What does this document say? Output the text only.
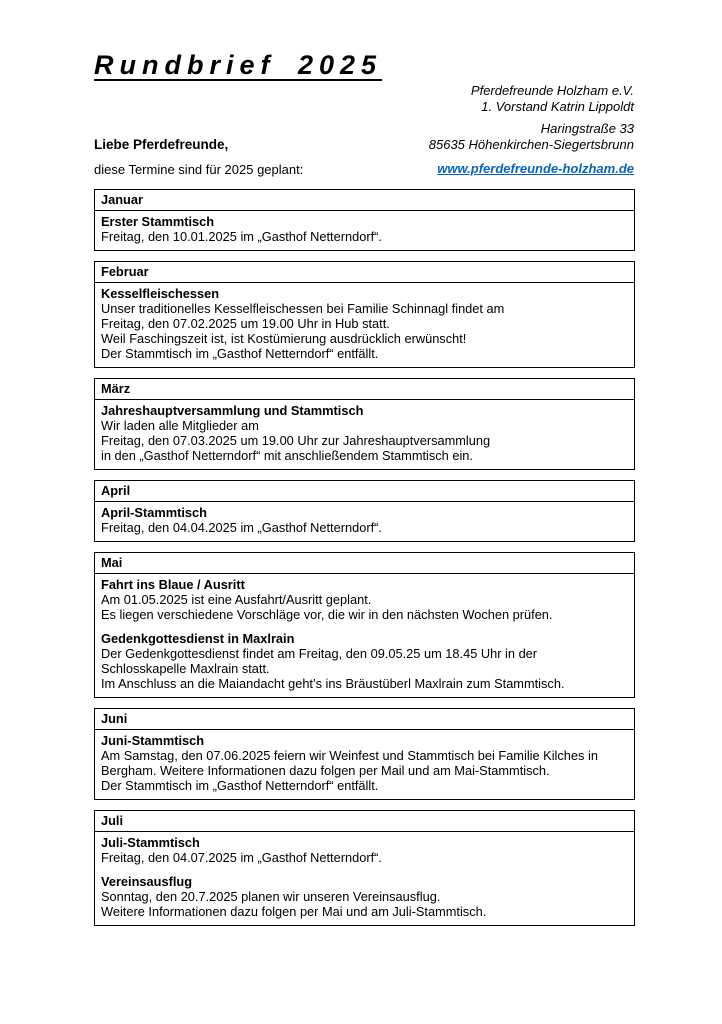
Rundbrief 2025
Pferdefreunde Holzham e.V.
1. Vorstand Katrin Lippoldt
Haringstraße 33
85635 Höhenkirchen-Siegertsbrunn
Liebe Pferdefreunde,
diese Termine sind für 2025 geplant:	www.pferdefreunde-holzham.de
Januar
Erster Stammtisch
Freitag, den 10.01.2025 im „Gasthof Netterndorf“.
Februar
Kesselfleischessen
Unser traditionelles Kesselfleischessen bei Familie Schinnagl findet am
Freitag, den 07.02.2025 um 19.00 Uhr in Hub statt.
Weil Faschingszeit ist, ist Kostümierung ausdrücklich erwünscht!
Der Stammtisch im „Gasthof Netterndorf“ entfällt.
März
Jahreshauptversammlung und Stammtisch
Wir laden alle Mitglieder am
Freitag, den 07.03.2025 um 19.00 Uhr zur Jahreshauptversammlung
in den „Gasthof Netterndorf“ mit anschließendem Stammtisch ein.
April
April-Stammtisch
Freitag, den 04.04.2025 im „Gasthof Netterndorf“.
Mai
Fahrt ins Blaue / Ausritt
Am 01.05.2025 ist eine Ausfahrt/Ausritt geplant.
Es liegen verschiedene Vorschläge vor, die wir in den nächsten Wochen prüfen.
Gedenkgottesdienst in Maxlrain
Der Gedenkgottesdienst findet am Freitag, den 09.05.25 um 18.45 Uhr in der
Schlosskapelle Maxlrain statt.
Im Anschluss an die Maiandacht geht’s ins Bräustüberl Maxlrain zum Stammtisch.
Juni
Juni-Stammtisch
Am Samstag, den 07.06.2025 feiern wir Weinfest und Stammtisch bei Familie Kilches in
Bergham. Weitere Informationen dazu folgen per Mail und am Mai-Stammtisch.
Der Stammtisch im „Gasthof Netterndorf“ entfällt.
Juli
Juli-Stammtisch
Freitag, den 04.07.2025 im „Gasthof Netterndorf“.
Vereinsausflug
Sonntag, den 20.7.2025 planen wir unseren Vereinsausflug.
Weitere Informationen dazu folgen per Mai und am Juli-Stammtisch.
